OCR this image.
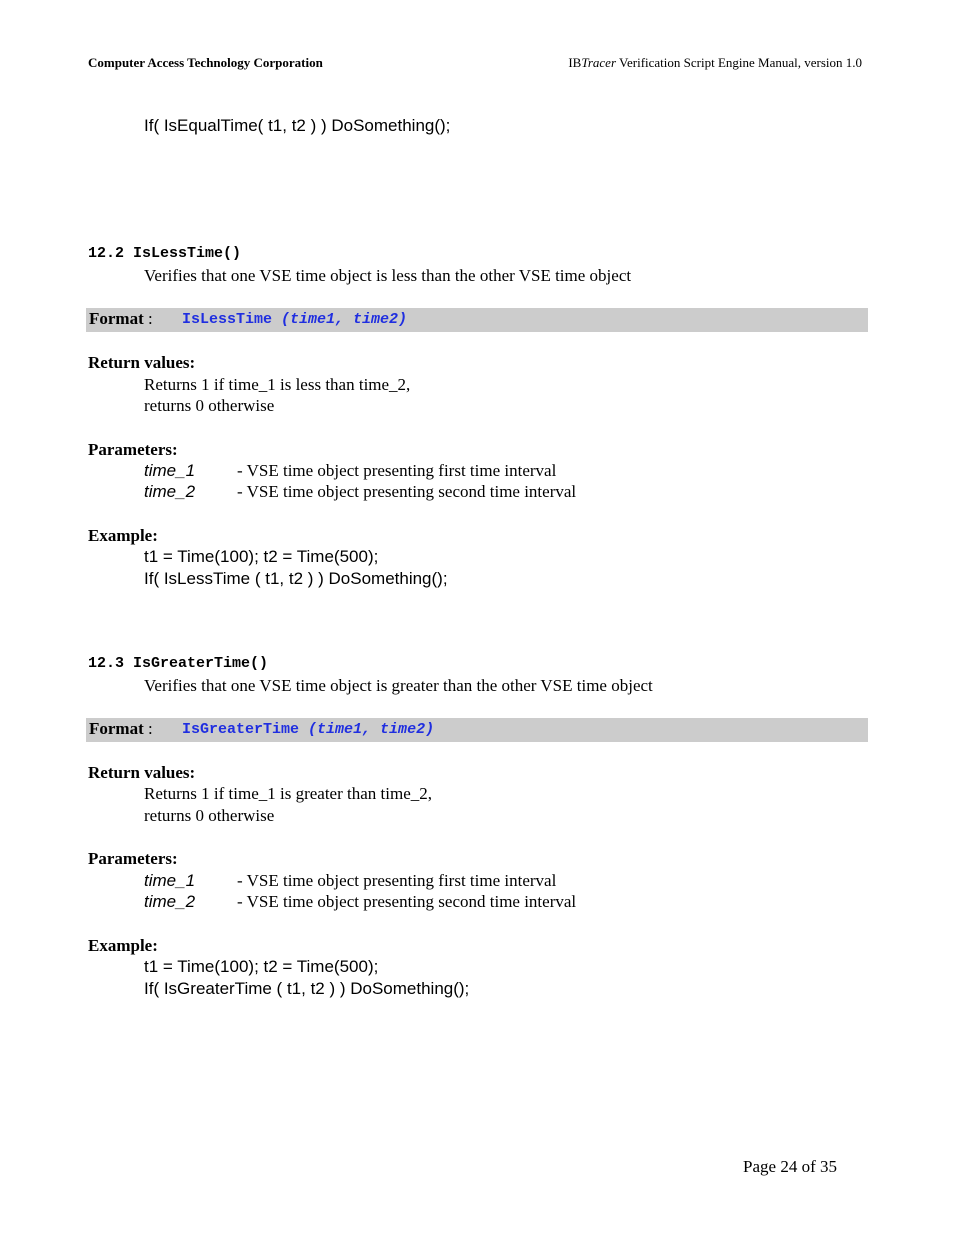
Computer Access Technology Corporation	IBTracer Verification Script Engine Manual, version 1.0
If( IsEqualTime( t1, t2 ) ) DoSomething();
12.2 IsLessTime()
Verifies that one VSE time object is less than the other VSE time object
Format : IsLessTime (time1, time2)
Return values:
Returns 1 if time_1 is less than time_2,
returns 0 otherwise
Parameters:
time_1 - VSE time object presenting first time interval
time_2 - VSE time object presenting second time interval
Example:
t1 = Time(100); t2 = Time(500);
If( IsLessTime ( t1, t2 ) ) DoSomething();
12.3 IsGreaterTime()
Verifies that one VSE time object is greater than the other VSE time object
Format : IsGreaterTime (time1, time2)
Return values:
Returns 1 if time_1 is greater than time_2,
returns 0 otherwise
Parameters:
time_1 - VSE time object presenting first time interval
time_2 - VSE time object presenting second time interval
Example:
t1 = Time(100); t2 = Time(500);
If( IsGreaterTime ( t1, t2 ) ) DoSomething();
Page 24 of 35
